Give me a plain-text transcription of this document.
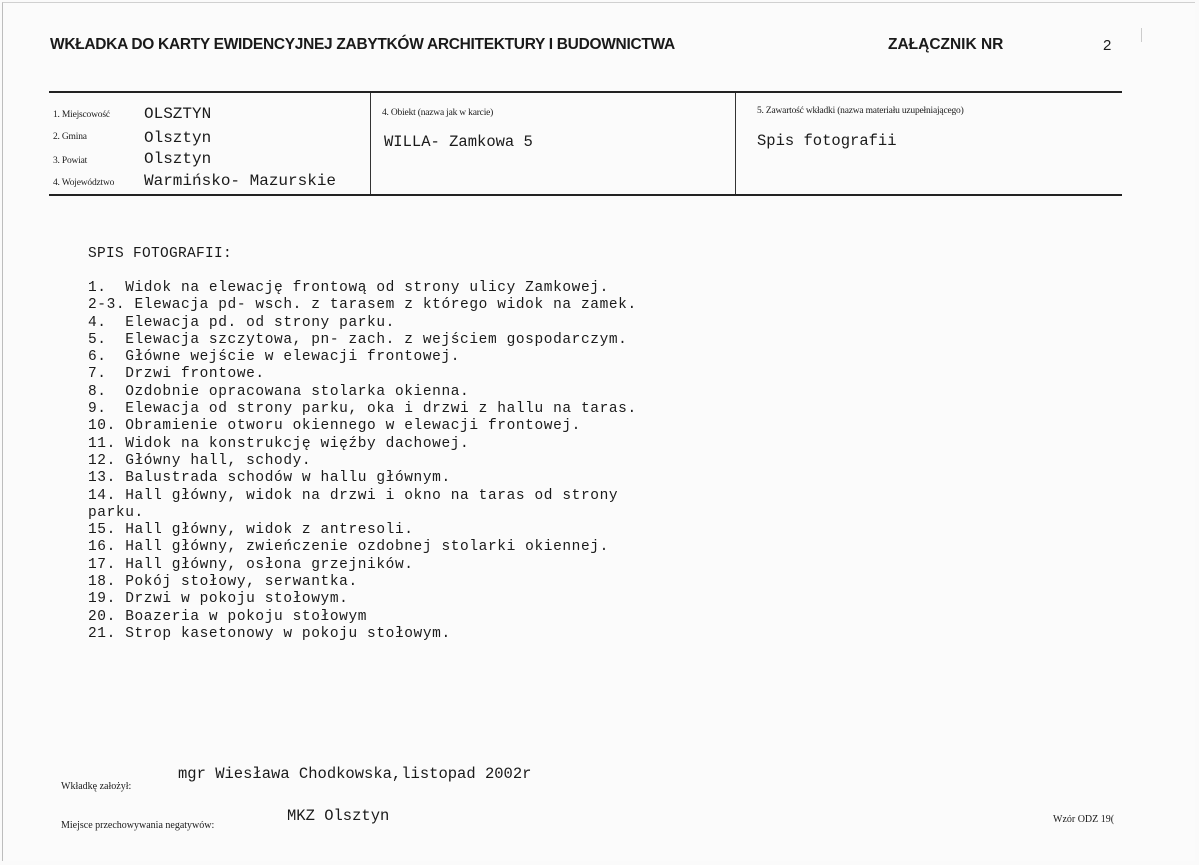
WKŁADKA DO KARTY EWIDENCYJNEJ ZABYTKÓW ARCHITEKTURY I BUDOWNICTWA	ZAŁĄCZNIK NR	2
1. Miejscowość OLSZTYN
2. Gmina	Olsztyn
3. Powiat	Olsztyn
4. Województwo Warmińsko- Mazurskie
4. Obiekt (nazwa jak w karcie)
WILLA- Zamkowa 5
5. Zawartość wkładki (nazwa materiału uzupełniającego)
Spis fotografii
SPIS FOTOGRAFII:
1.  Widok na elewację frontową od strony ulicy Zamkowej.
2-3. Elewacja pd- wsch. z tarasem z którego widok na zamek.
4.  Elewacja pd. od strony parku.
5.  Elewacja szczytowa, pn- zach. z wejściem gospodarczym.
6.  Główne wejście w elewacji frontowej.
7.  Drzwi frontowe.
8.  Ozdobnie opracowana stolarka okienna.
9.  Elewacja od strony parku, oka i drzwi z hallu na taras.
10. Obramienie otworu okiennego w elewacji frontowej.
11. Widok na konstrukcję więźby dachowej.
12. Główny hall, schody.
13. Balustrada schodów w hallu głównym.
14. Hall główny, widok na drzwi i okno na taras od strony
parku.
15. Hall główny, widok z antresoli.
16. Hall główny, zwieńczenie ozdobnej stolarki okiennej.
17. Hall główny, osłona grzejników.
18. Pokój stołowy, serwantka.
19. Drzwi w pokoju stołowym.
20. Boazeria w pokoju stołowym
21. Strop kasetonowy w pokoju stołowym.
Wkładkę założył:
mgr Wiesława Chodkowska,listopad 2002r
Miejsce przechowywania negatywów:
MKZ Olsztyn	Wzór ODZ 19(
